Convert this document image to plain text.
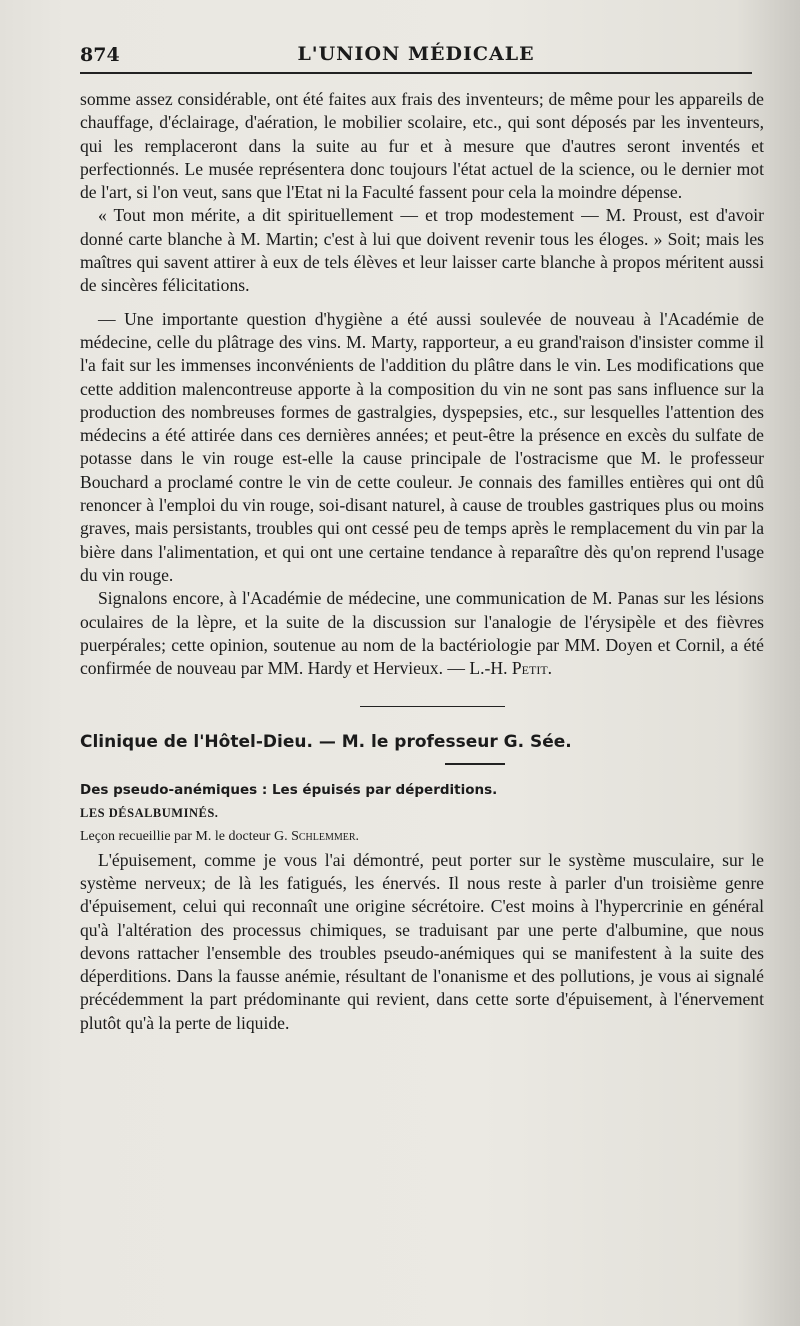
874	L'UNION MÉDICALE

somme assez considérable, ont été faites aux frais des inventeurs; de même pour les appareils de chauffage, d'éclairage, d'aération, le mobilier scolaire, etc., qui sont déposés par les inventeurs, qui les remplaceront dans la suite au fur et à mesure que d'autres seront inventés et perfectionnés. Le musée représentera donc toujours l'état actuel de la science, ou le dernier mot de l'art, si l'on veut, sans que l'Etat ni la Faculté fassent pour cela la moindre dépense.

« Tout mon mérite, a dit spirituellement — et trop modestement — M. Proust, est d'avoir donné carte blanche à M. Martin; c'est à lui que doivent revenir tous les éloges. » Soit; mais les maîtres qui savent attirer à eux de tels élèves et leur laisser carte blanche à propos méritent aussi de sincères félicitations.

— Une importante question d'hygiène a été aussi soulevée de nouveau à l'Académie de médecine, celle du plâtrage des vins. M. Marty, rapporteur, a eu grand'raison d'insister comme il l'a fait sur les immenses inconvénients de l'addition du plâtre dans le vin. Les modifications que cette addition malencontreuse apporte à la composition du vin ne sont pas sans influence sur la production des nombreuses formes de gastralgies, dyspepsies, etc., sur lesquelles l'attention des médecins a été attirée dans ces dernières années; et peut-être la présence en excès du sulfate de potasse dans le vin rouge est-elle la cause principale de l'ostracisme que M. le professeur Bouchard a proclamé contre le vin de cette couleur. Je connais des familles entières qui ont dû renoncer à l'emploi du vin rouge, soi-disant naturel, à cause de troubles gastriques plus ou moins graves, mais persistants, troubles qui ont cessé peu de temps après le remplacement du vin par la bière dans l'alimentation, et qui ont une certaine tendance à reparaître dès qu'on reprend l'usage du vin rouge.

Signalons encore, à l'Académie de médecine, une communication de M. Panas sur les lésions oculaires de la lèpre, et la suite de la discussion sur l'analogie de l'érysipèle et des fièvres puerpérales; cette opinion, soutenue au nom de la bactériologie par MM. Doyen et Cornil, a été confirmée de nouveau par MM. Hardy et Hervieux. — L.-H. Petit.

Clinique de l'Hôtel-Dieu. — M. le professeur G. Sée.

Des pseudo-anémiques : Les épuisés par déperditions.

LES DÉSALBUMINÉS.

Leçon recueillie par M. le docteur G. Schlemmer.

L'épuisement, comme je vous l'ai démontré, peut porter sur le système musculaire, sur le système nerveux; de là les fatigués, les énervés. Il nous reste à parler d'un troisième genre d'épuisement, celui qui reconnaît une origine sécrétoire. C'est moins à l'hypercrinie en général qu'à l'altération des processus chimiques, se traduisant par une perte d'albumine, que nous devons rattacher l'ensemble des troubles pseudo-anémiques qui se manifestent à la suite des déperditions. Dans la fausse anémie, résultant de l'onanisme et des pollutions, je vous ai signalé précédemment la part prédominante qui revient, dans cette sorte d'épuisement, à l'énervement plutôt qu'à la perte de liquide.
